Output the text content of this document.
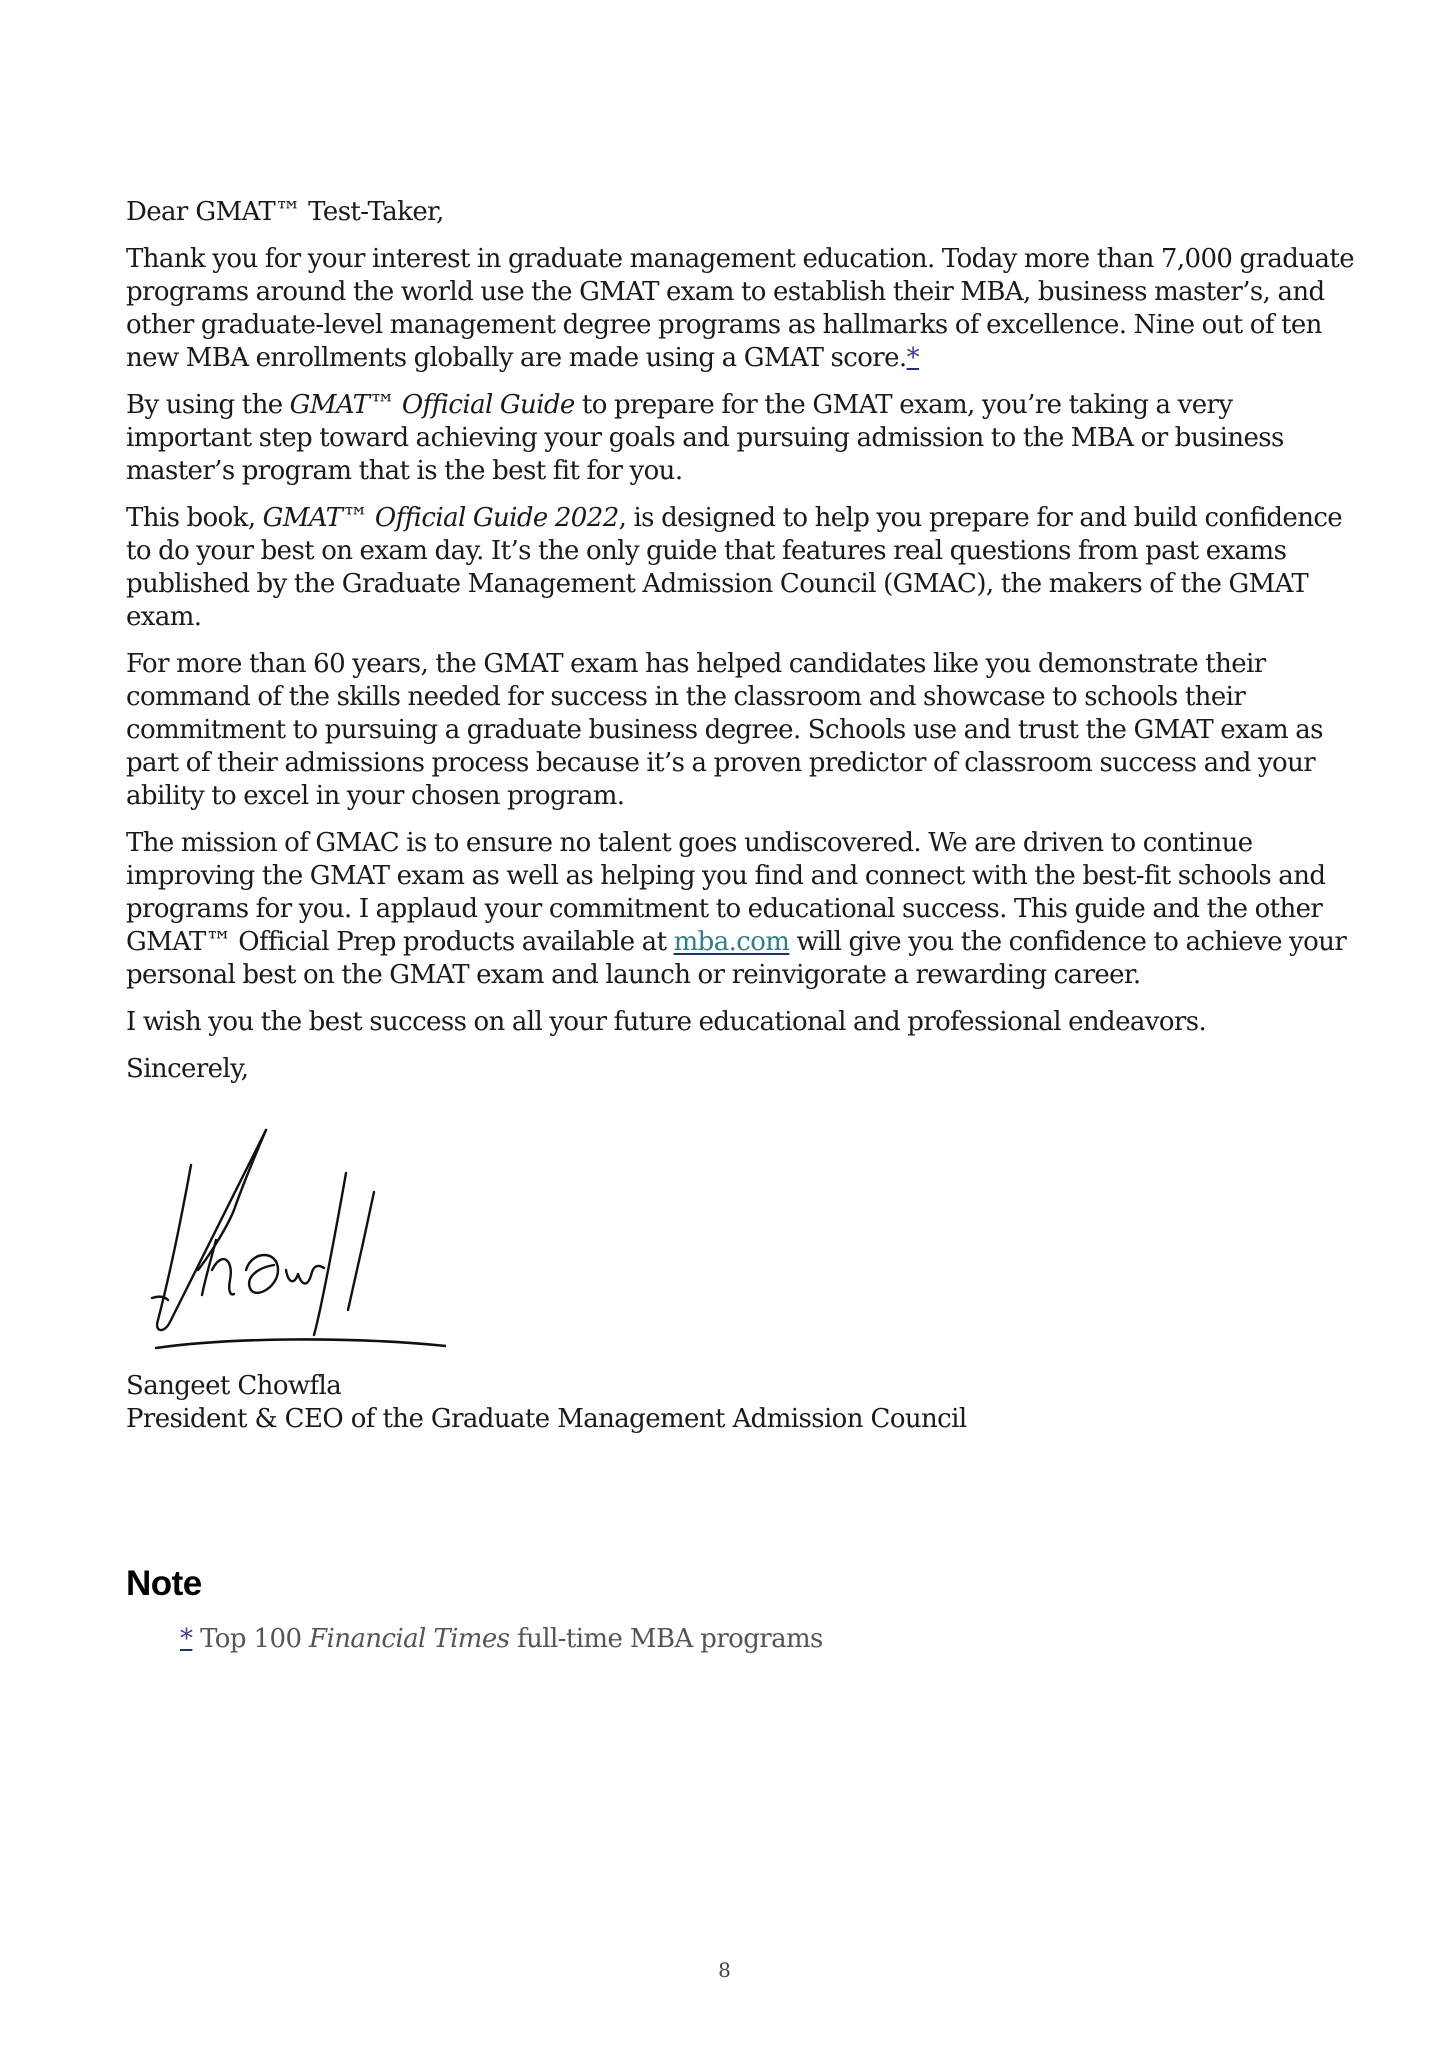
Dear GMAT™ Test-Taker,

Thank you for your interest in graduate management education. Today more than 7,000 graduate
programs around the world use the GMAT exam to establish their MBA, business master’s, and
other graduate-level management degree programs as hallmarks of excellence. Nine out of ten
new MBA enrollments globally are made using a GMAT score.*

By using the GMAT™ Official Guide to prepare for the GMAT exam, you’re taking a very
important step toward achieving your goals and pursuing admission to the MBA or business
master’s program that is the best fit for you.

This book, GMAT™ Official Guide 2022, is designed to help you prepare for and build confidence
to do your best on exam day. It’s the only guide that features real questions from past exams
published by the Graduate Management Admission Council (GMAC), the makers of the GMAT
exam.

For more than 60 years, the GMAT exam has helped candidates like you demonstrate their
command of the skills needed for success in the classroom and showcase to schools their
commitment to pursuing a graduate business degree. Schools use and trust the GMAT exam as
part of their admissions process because it’s a proven predictor of classroom success and your
ability to excel in your chosen program.

The mission of GMAC is to ensure no talent goes undiscovered. We are driven to continue
improving the GMAT exam as well as helping you find and connect with the best-fit schools and
programs for you. I applaud your commitment to educational success. This guide and the other
GMAT™ Official Prep products available at mba.com will give you the confidence to achieve your
personal best on the GMAT exam and launch or reinvigorate a rewarding career.

I wish you the best success on all your future educational and professional endeavors.

Sincerely,

Sangeet Chowfla
President & CEO of the Graduate Management Admission Council
Note
* Top 100 Financial Times full-time MBA programs
8
